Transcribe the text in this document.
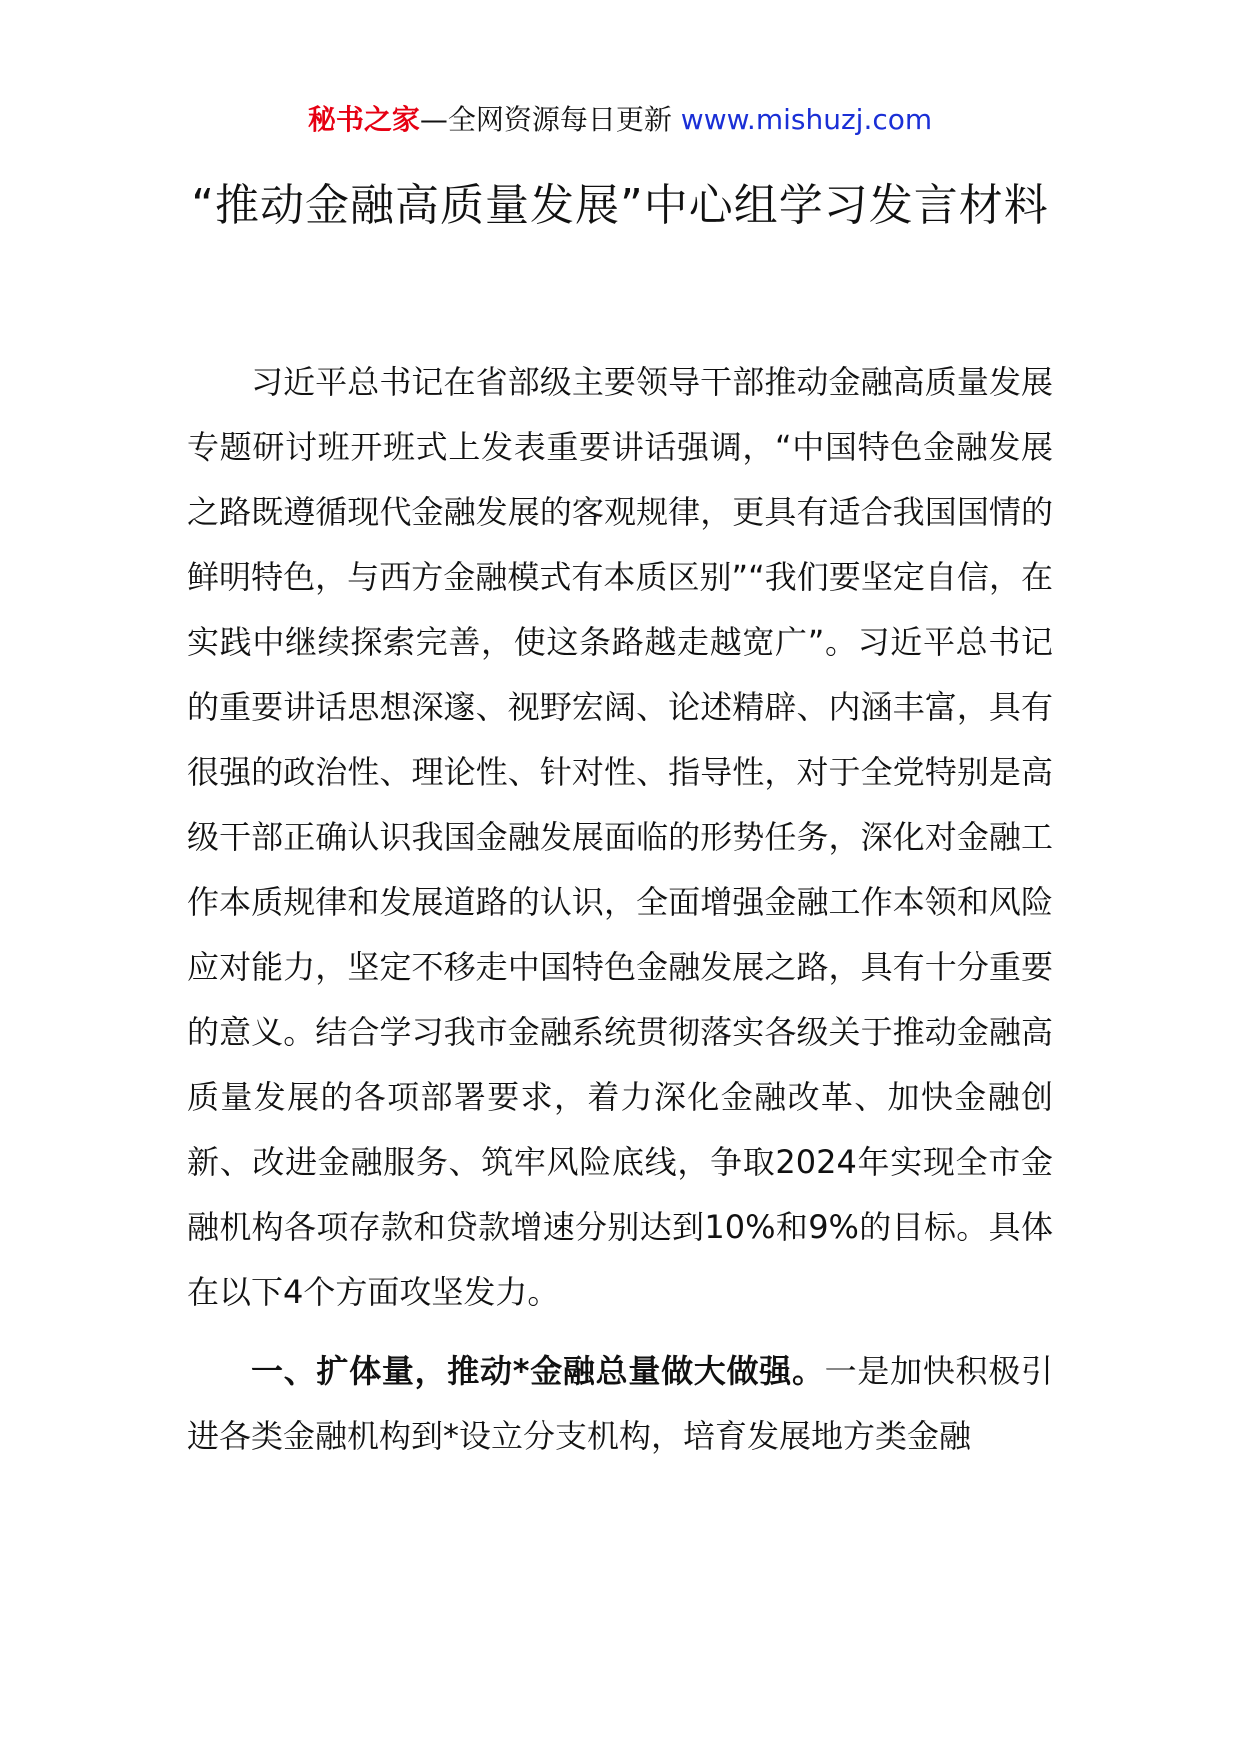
秘书之家—全网资源每日更新 www.mishuzj.com
“推动金融高质量发展”中心组学习发言材料

习近平总书记在省部级主要领导干部推动金融高质量发展专题研讨班开班式上发表重要讲话强调，“中国特色金融发展之路既遵循现代金融发展的客观规律，更具有适合我国国情的鲜明特色，与西方金融模式有本质区别”“我们要坚定自信，在实践中继续探索完善，使这条路越走越宽广”。习近平总书记的重要讲话思想深邃、视野宏阔、论述精辟、内涵丰富，具有很强的政治性、理论性、针对性、指导性，对于全党特别是高级干部正确认识我国金融发展面临的形势任务，深化对金融工作本质规律和发展道路的认识，全面增强金融工作本领和风险应对能力，坚定不移走中国特色金融发展之路，具有十分重要的意义。结合学习我市金融系统贯彻落实各级关于推动金融高质量发展的各项部署要求，着力深化金融改革、加快金融创新、改进金融服务、筑牢风险底线，争取2024年实现全市金融机构各项存款和贷款增速分别达到10%和9%的目标。具体在以下4个方面攻坚发力。

一、扩体量，推动*金融总量做大做强。一是加快积极引进各类金融机构到*设立分支机构，培育发展地方类金融
